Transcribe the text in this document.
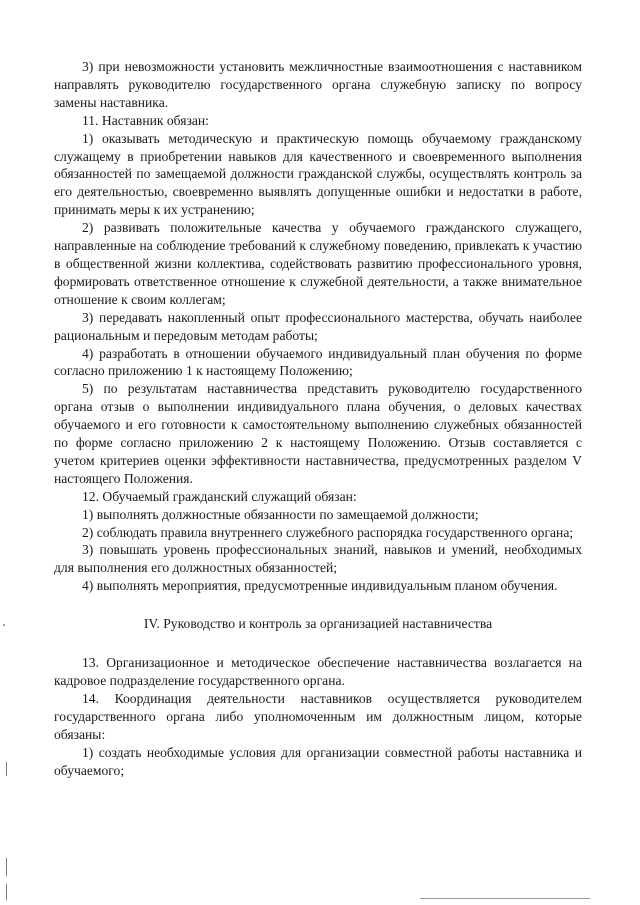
3) при невозможности установить межличностные взаимоотношения с наставником направлять руководителю государственного органа служебную записку по вопросу замены наставника.

11. Наставник обязан:

1) оказывать методическую и практическую помощь обучаемому гражданскому служащему в приобретении навыков для качественного и своевременного выполнения обязанностей по замещаемой должности гражданской службы, осуществлять контроль за его деятельностью, своевременно выявлять допущенные ошибки и недостатки в работе, принимать меры к их устранению;

2) развивать положительные качества у обучаемого гражданского служащего, направленные на соблюдение требований к служебному поведению, привлекать к участию в общественной жизни коллектива, содействовать развитию профессионального уровня, формировать ответственное отношение к служебной деятельности, а также внимательное отношение к своим коллегам;

3) передавать накопленный опыт профессионального мастерства, обучать наиболее рациональным и передовым методам работы;

4) разработать в отношении обучаемого индивидуальный план обучения по форме согласно приложению 1 к настоящему Положению;

5) по результатам наставничества представить руководителю государственного органа отзыв о выполнении индивидуального плана обучения, о деловых качествах обучаемого и его готовности к самостоятельному выполнению служебных обязанностей по форме согласно приложению 2 к настоящему Положению. Отзыв составляется с учетом критериев оценки эффективности наставничества, предусмотренных разделом V настоящего Положения.

12. Обучаемый гражданский служащий обязан:

1) выполнять должностные обязанности по замещаемой должности;

2) соблюдать правила внутреннего служебного распорядка государственного органа;

3) повышать уровень профессиональных знаний, навыков и умений, необходимых для выполнения его должностных обязанностей;

4) выполнять мероприятия, предусмотренные индивидуальным планом обучения.

IV. Руководство и контроль за организацией наставничества

13. Организационное и методическое обеспечение наставничества возлагается на кадровое подразделение государственного органа.

14. Координация деятельности наставников осуществляется руководителем государственного органа либо уполномоченным им должностным лицом, которые обязаны:

1) создать необходимые условия для организации совместной работы наставника и обучаемого;
